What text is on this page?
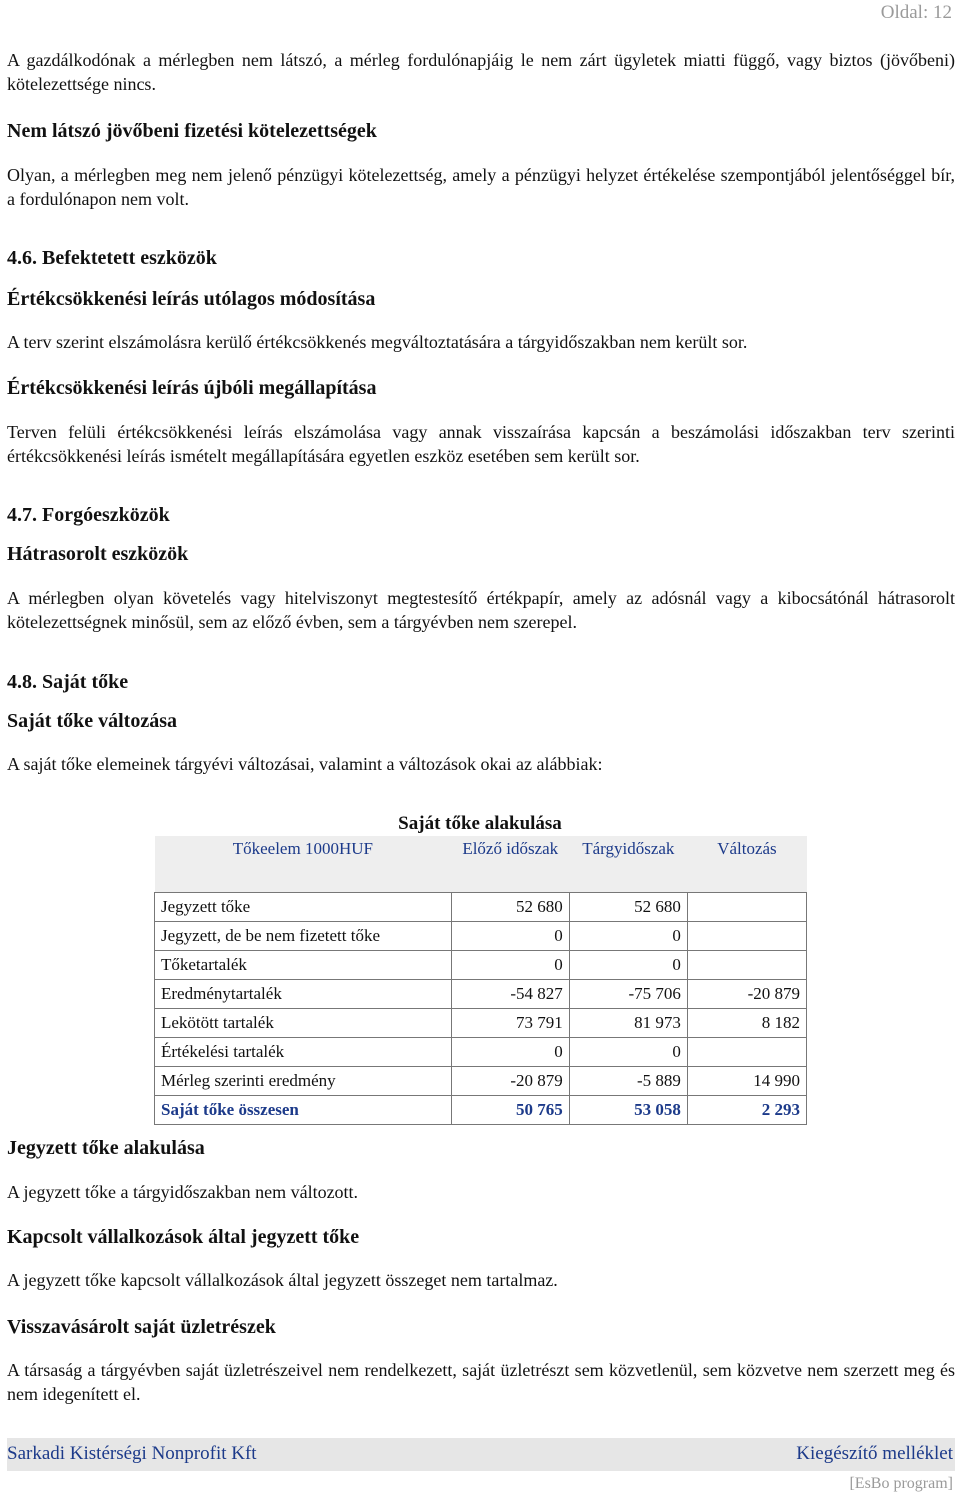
Oldal: 12
A gazdálkodónak a mérlegben nem látszó, a mérleg fordulónapjáig le nem zárt ügyletek miatti függő, vagy biztos (jövőbeni) kötelezettsége nincs.
Nem látszó jövőbeni fizetési kötelezettségek
Olyan, a mérlegben meg nem jelenő pénzügyi kötelezettség, amely a pénzügyi helyzet értékelése szempontjából jelentőséggel bír, a fordulónapon nem volt.
4.6. Befektetett eszközök
Értékcsökkenési leírás utólagos módosítása
A terv szerint elszámolásra kerülő értékcsökkenés megváltoztatására a tárgyidőszakban nem került sor.
Értékcsökkenési leírás újbóli megállapítása
Terven felüli értékcsökkenési leírás elszámolása vagy annak visszaírása kapcsán a beszámolási időszakban terv szerinti értékcsökkenési leírás ismételt megállapítására egyetlen eszköz esetében sem került sor.
4.7. Forgóeszközök
Hátrasorolt eszközök
A mérlegben olyan követelés vagy hitelviszonyt megtestesítő értékpapír, amely az adósnál vagy a kibocsátónál hátrasorolt kötelezettségnek minősül, sem az előző évben, sem a tárgyévben nem szerepel.
4.8. Saját tőke
Saját tőke változása
A saját tőke elemeinek tárgyévi változásai, valamint a változások okai az alábbiak:
Saját tőke alakulása
Tőkeelem 1000HUF	Előző időszak	Tárgyidőszak	Változás
Jegyzett tőke	52 680	52 680	
Jegyzett, de be nem fizetett tőke	0	0	
Tőketartalék	0	0	
Eredménytartalék	-54 827	-75 706	-20 879
Lekötött tartalék	73 791	81 973	8 182
Értékelési tartalék	0	0	
Mérleg szerinti eredmény	-20 879	-5 889	14 990
Saját tőke összesen	50 765	53 058	2 293
Jegyzett tőke alakulása
A jegyzett tőke a tárgyidőszakban nem változott.
Kapcsolt vállalkozások által jegyzett tőke
A jegyzett tőke kapcsolt vállalkozások által jegyzett összeget nem tartalmaz.
Visszavásárolt saját üzletrészek
A társaság a tárgyévben saját üzletrészeivel nem rendelkezett, saját üzletrészt sem közvetlenül, sem közvetve nem szerzett meg és nem idegenített el.
Sarkadi Kistérségi Nonprofit Kft	Kiegészítő melléklet
[EsBo program]
